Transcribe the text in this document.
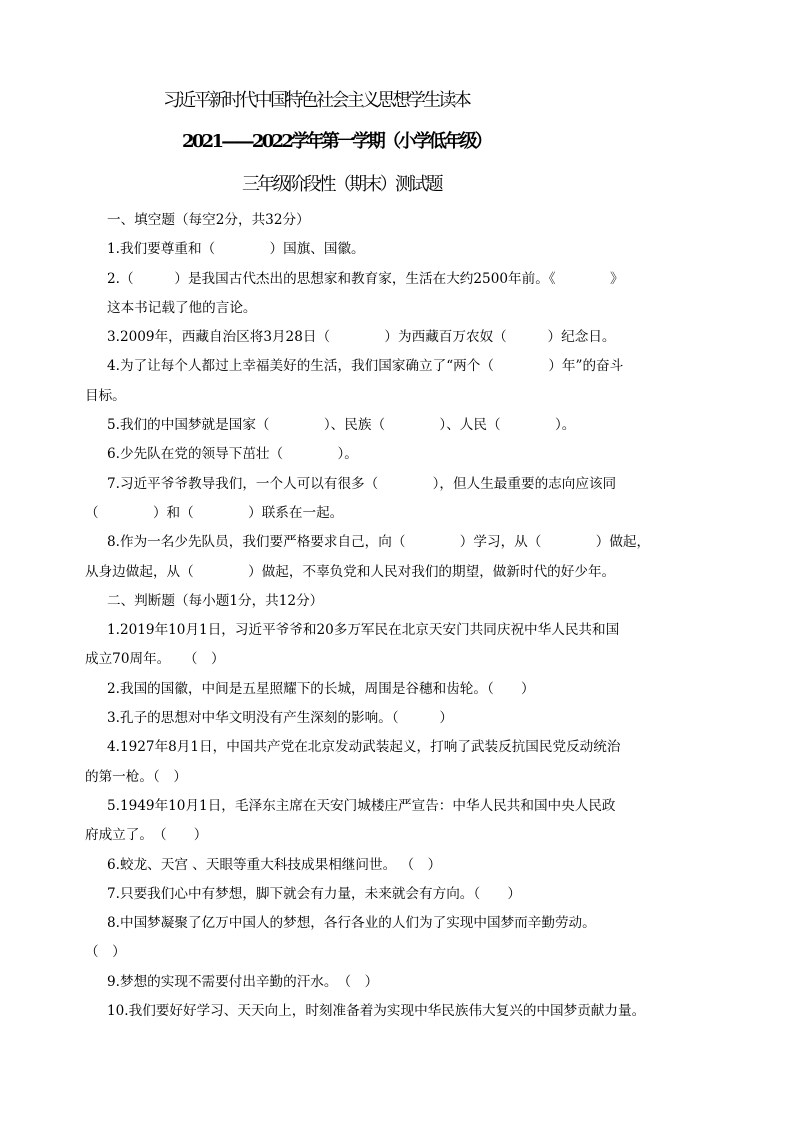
习近平新时代中国特色社会主义思想学生读本
2021——2022学年第一学期（小学低年级）
三年级阶段性（期末）测试题
一、填空题（每空2分，共32分）
1.我们要尊重和（　　　　）国旗、国徽。
2.（　　　）是我国古代杰出的思想家和教育家，生活在大约2500年前。《　　　　》
这本书记载了他的言论。
3.2009年，西藏自治区将3月28日（　　　　）为西藏百万农奴（　　　）纪念日。
4.为了让每个人都过上幸福美好的生活，我们国家确立了“两个（　　　　）年”的奋斗
目标。
5.我们的中国梦就是国家（　　　　）、民族（　　　　）、人民（　　　　）。
6.少先队在党的领导下茁壮（　　　　）。
7.习近平爷爷教导我们，一个人可以有很多（　　　　），但人生最重要的志向应该同
（　　　　）和（　　　　）联系在一起。
8.作为一名少先队员，我们要严格要求自己，向（　　　　）学习，从（　　　　）做起，
从身边做起，从（　　　　）做起，不辜负党和人民对我们的期望，做新时代的好少年。
二、判断题（每小题1分，共12分）
1.2019年10月1日，习近平爷爷和20多万军民在北京天安门共同庆祝中华人民共和国
成立70周年。　　（　）
2.我国的国徽，中间是五星照耀下的长城，周围是谷穗和齿轮。（　　）
3.孔子的思想对中华文明没有产生深刻的影响。（　　　）
4.1927年8月1日，中国共产党在北京发动武装起义，打响了武装反抗国民党反动统治
的第一枪。（　）
5.1949年10月1日，毛泽东主席在天安门城楼庄严宣告：中华人民共和国中央人民政
府成立了。　（　　）
6.蛟龙、天宫 、天眼等重大科技成果相继问世。 （　）
7.只要我们心中有梦想，脚下就会有力量，未来就会有方向。（　　）
8.中国梦凝聚了亿万中国人的梦想，各行各业的人们为了实现中国梦而辛勤劳动。
（　）
9.梦想的实现不需要付出辛勤的汗水。　（　）
10.我们要好好学习、天天向上，时刻准备着为实现中华民族伟大复兴的中国梦贡献力量。
